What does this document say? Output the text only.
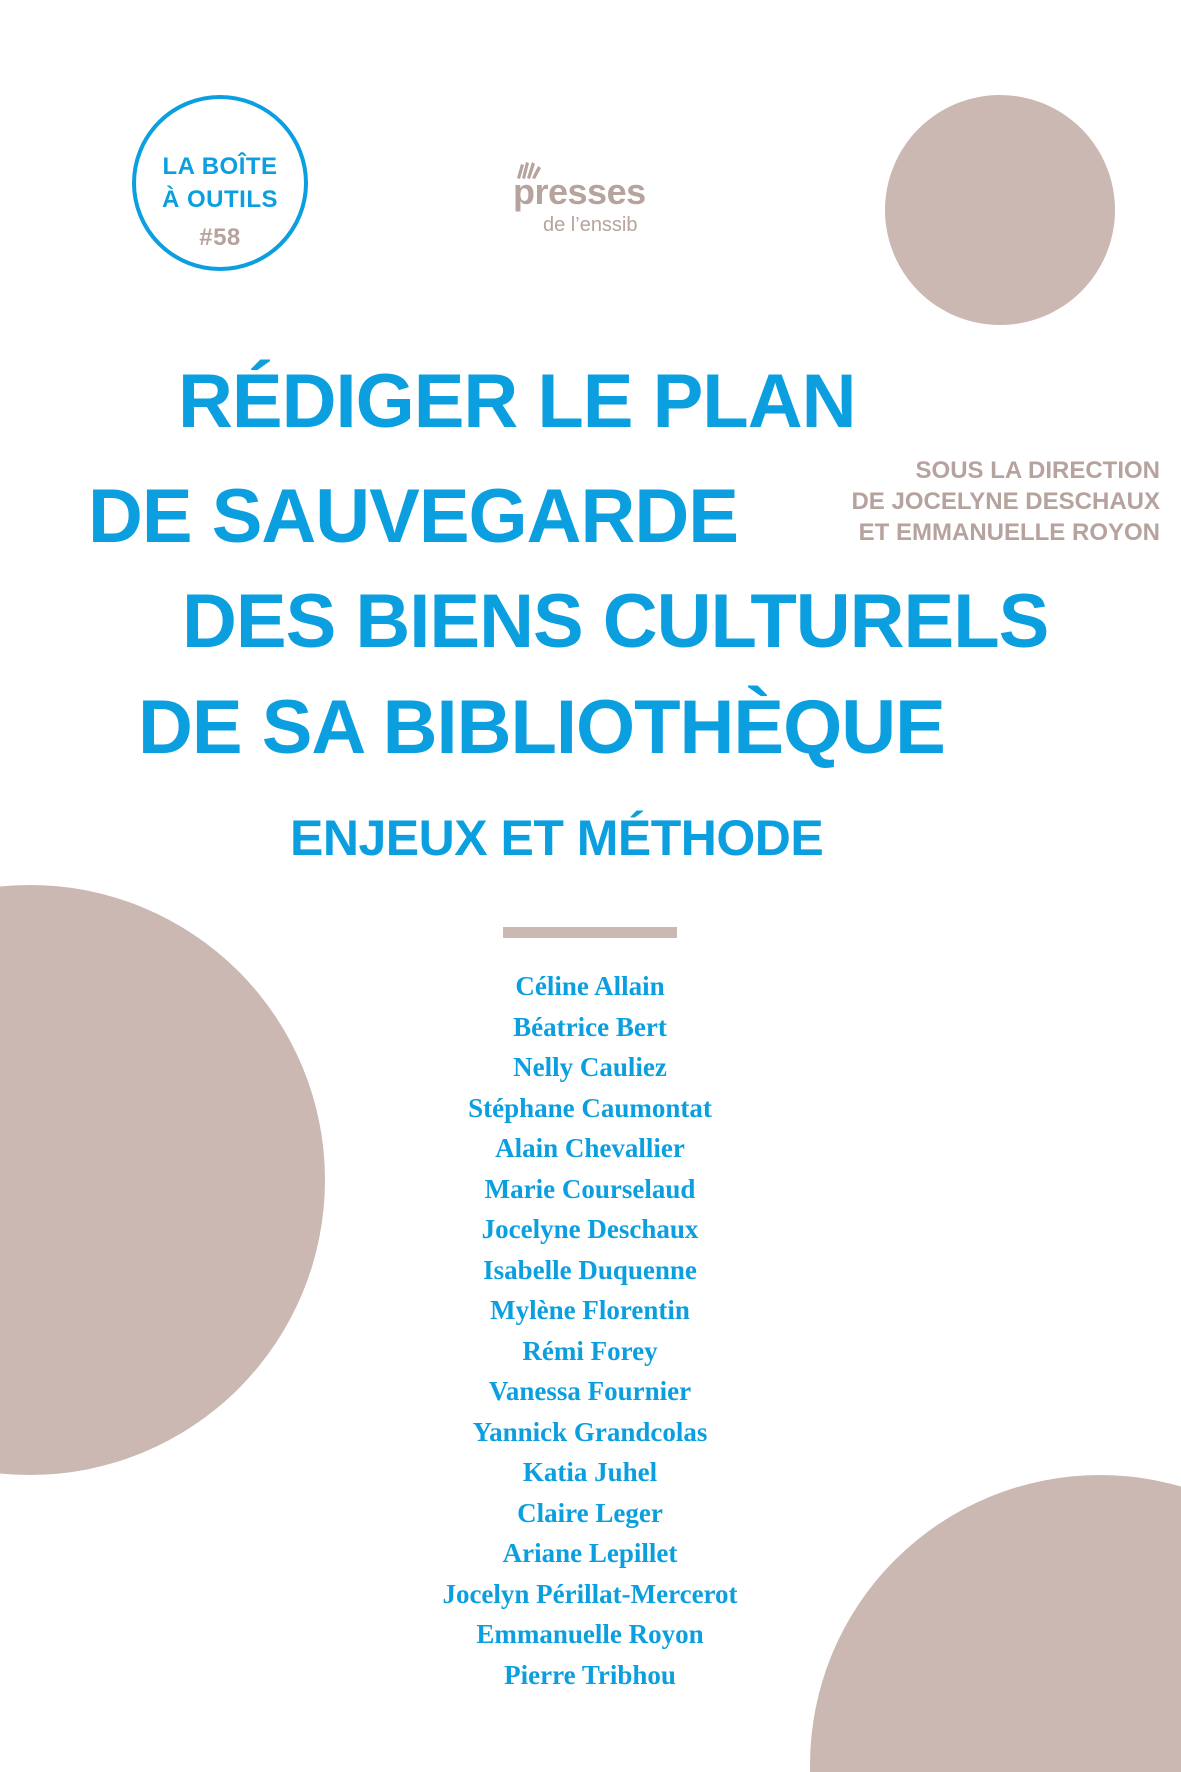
LA BOÎTE
À OUTILS
#58
presses
de l’enssib
RÉDIGER LE PLAN
DE SAUVEGARDE
DES BIENS CULTURELS
DE SA BIBLIOTHÈQUE
ENJEUX ET MÉTHODE
SOUS LA DIRECTION
DE JOCELYNE DESCHAUX
ET EMMANUELLE ROYON
Céline Allain
Béatrice Bert
Nelly Cauliez
Stéphane Caumontat
Alain Chevallier
Marie Courselaud
Jocelyne Deschaux
Isabelle Duquenne
Mylène Florentin
Rémi Forey
Vanessa Fournier
Yannick Grandcolas
Katia Juhel
Claire Leger
Ariane Lepillet
Jocelyn Périllat-Mercerot
Emmanuelle Royon
Pierre Tribhou
